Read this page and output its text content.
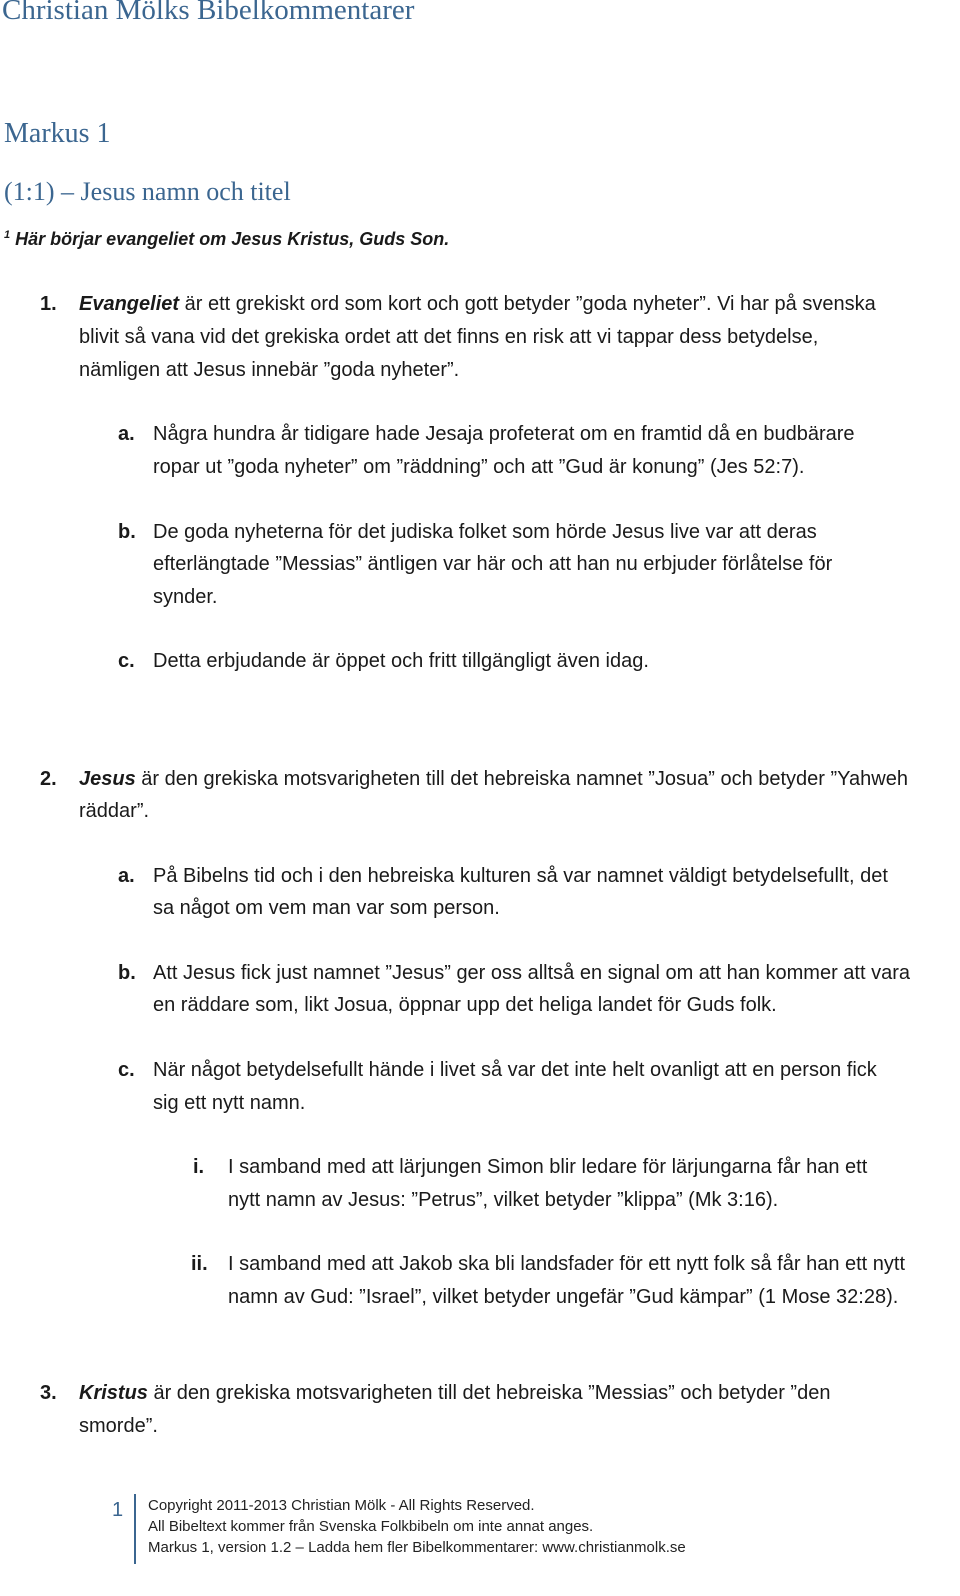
Christian Mölks Bibelkommentarer
Markus 1
(1:1) – Jesus namn och titel
$^1$ Här börjar evangeliet om Jesus Kristus, Guds Son.
1. Evangeliet är ett grekiskt ord som kort och gott betyder ”goda nyheter”. Vi har på svenska
blivit så vana vid det grekiska ordet att det finns en risk att vi tappar dess betydelse,
nämligen att Jesus innebär ”goda nyheter”.
a. Några hundra år tidigare hade Jesaja profeterat om en framtid då en budbärare
ropar ut ”goda nyheter” om ”räddning” och att ”Gud är konung” (Jes 52:7).
b. De goda nyheterna för det judiska folket som hörde Jesus live var att deras
efterlängtade ”Messias” äntligen var här och att han nu erbjuder förlåtelse för
synder.
c. Detta erbjudande är öppet och fritt tillgängligt även idag.
2. Jesus är den grekiska motsvarigheten till det hebreiska namnet ”Josua” och betyder ”Yahweh
räddar”.
a. På Bibelns tid och i den hebreiska kulturen så var namnet väldigt betydelsefullt, det
sa något om vem man var som person.
b. Att Jesus fick just namnet ”Jesus” ger oss alltså en signal om att han kommer att vara
en räddare som, likt Josua, öppnar upp det heliga landet för Guds folk.
c. När något betydelsefullt hände i livet så var det inte helt ovanligt att en person fick
sig ett nytt namn.
i. I samband med att lärjungen Simon blir ledare för lärjungarna får han ett
nytt namn av Jesus: ”Petrus”, vilket betyder ”klippa” (Mk 3:16).
ii. I samband med att Jakob ska bli landsfader för ett nytt folk så får han ett nytt
namn av Gud: ”Israel”, vilket betyder ungefär ”Gud kämpar” (1 Mose 32:28).
3. Kristus är den grekiska motsvarigheten till det hebreiska ”Messias” och betyder ”den
smorde”.
1 Copyright 2011-2013 Christian Mölk - All Rights Reserved.
All Bibeltext kommer från Svenska Folkbibeln om inte annat anges.
Markus 1, version 1.2 – Ladda hem fler Bibelkommentarer: www.christianmolk.se
